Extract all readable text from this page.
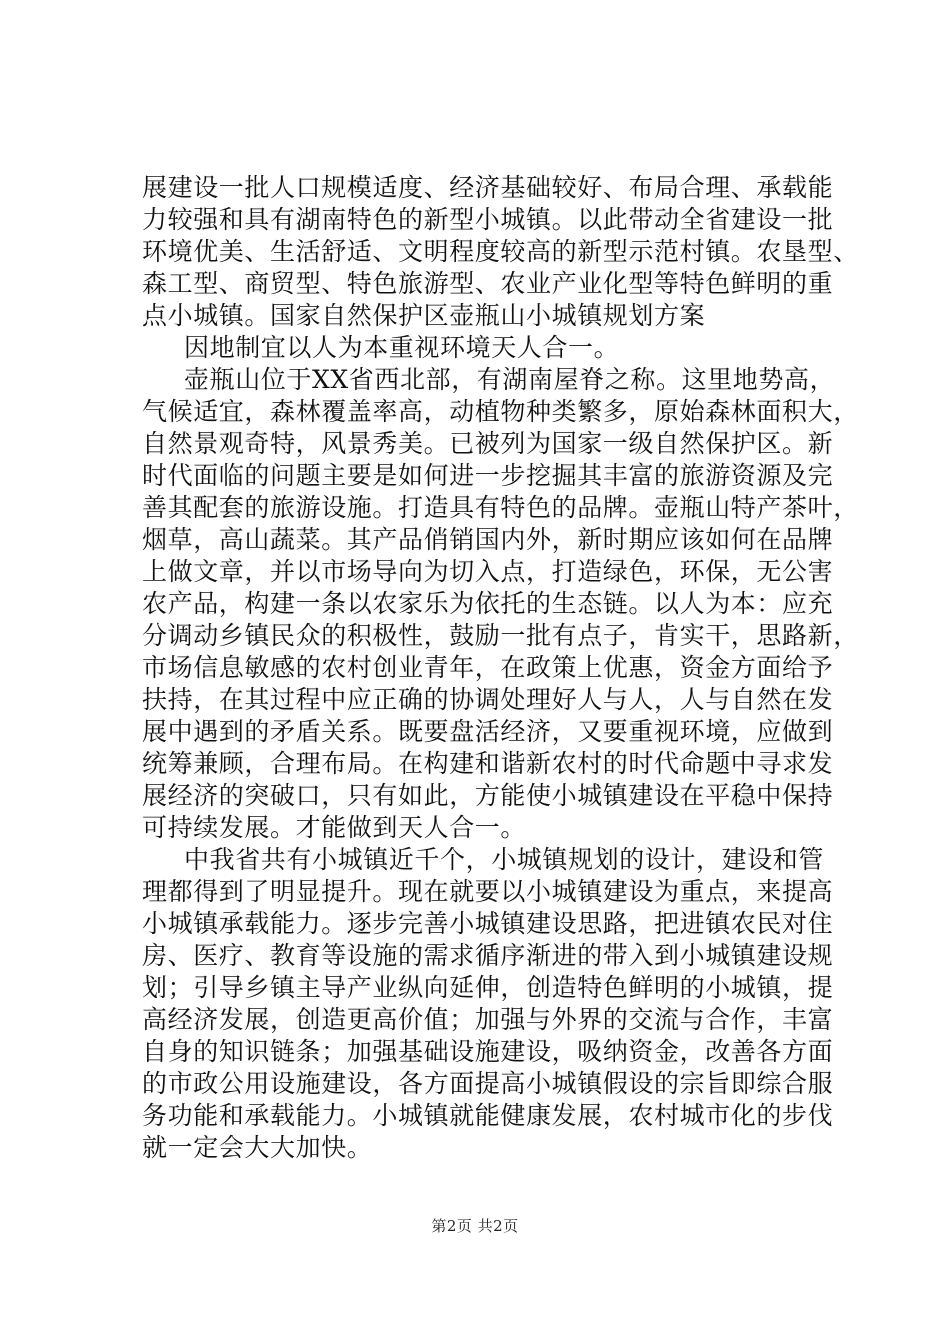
展建设一批人口规模适度、经济基础较好、布局合理、承载能
力较强和具有湖南特色的新型小城镇。以此带动全省建设一批
环境优美、生活舒适、文明程度较高的新型示范村镇。农垦型、
森工型、商贸型、特色旅游型、农业产业化型等特色鲜明的重
点小城镇。国家自然保护区壶瓶山小城镇规划方案
因地制宜以人为本重视环境天人合一。
壶瓶山位于XX省西北部，有湖南屋脊之称。这里地势高，
气候适宜，森林覆盖率高，动植物种类繁多，原始森林面积大，
自然景观奇特，风景秀美。已被列为国家一级自然保护区。新
时代面临的问题主要是如何进一步挖掘其丰富的旅游资源及完
善其配套的旅游设施。打造具有特色的品牌。壶瓶山特产茶叶，
烟草，高山蔬菜。其产品俏销国内外，新时期应该如何在品牌
上做文章，并以市场导向为切入点，打造绿色，环保，无公害
农产品，构建一条以农家乐为依托的生态链。以人为本：应充
分调动乡镇民众的积极性，鼓励一批有点子，肯实干，思路新，
市场信息敏感的农村创业青年，在政策上优惠，资金方面给予
扶持，在其过程中应正确的协调处理好人与人，人与自然在发
展中遇到的矛盾关系。既要盘活经济，又要重视环境，应做到
统筹兼顾，合理布局。在构建和谐新农村的时代命题中寻求发
展经济的突破口，只有如此，方能使小城镇建设在平稳中保持
可持续发展。才能做到天人合一。
中我省共有小城镇近千个，小城镇规划的设计，建设和管
理都得到了明显提升。现在就要以小城镇建设为重点，来提高
小城镇承载能力。逐步完善小城镇建设思路，把进镇农民对住
房、医疗、教育等设施的需求循序渐进的带入到小城镇建设规
划；引导乡镇主导产业纵向延伸，创造特色鲜明的小城镇，提
高经济发展，创造更高价值；加强与外界的交流与合作，丰富
自身的知识链条；加强基础设施建设，吸纳资金，改善各方面
的市政公用设施建设，各方面提高小城镇假设的宗旨即综合服
务功能和承载能力。小城镇就能健康发展，农村城市化的步伐
就一定会大大加快。
第2页 共2页
